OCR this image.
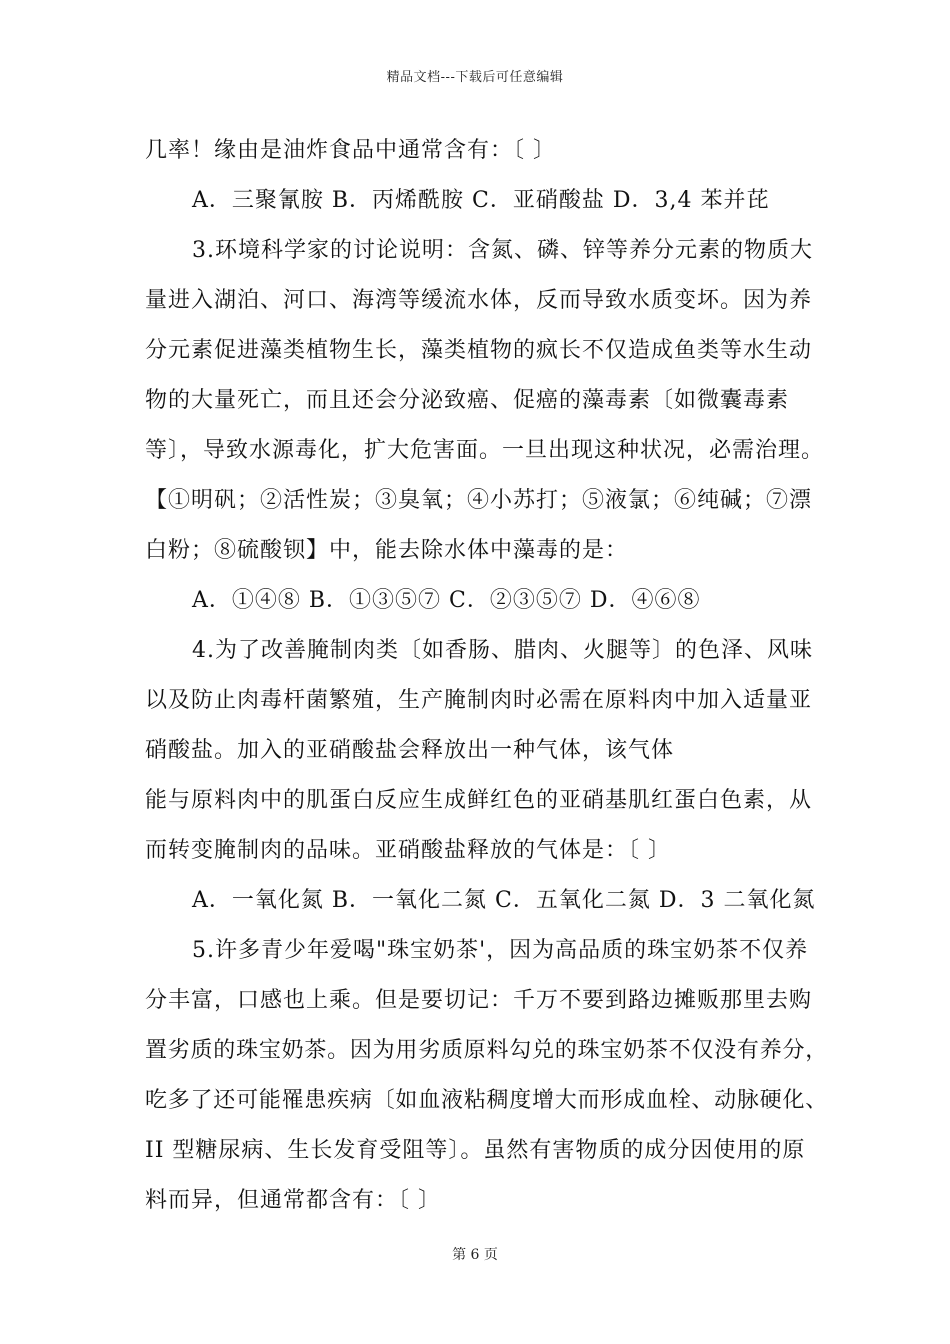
精品文档---下载后可任意编辑
几率！缘由是油炸食品中通常含有：〔 〕
A．三聚氰胺 B．丙烯酰胺 C．亚硝酸盐 D．3,4 苯并芘
3.环境科学家的讨论说明：含氮、磷、锌等养分元素的物质大
量进入湖泊、河口、海湾等缓流水体，反而导致水质变坏。因为养
分元素促进藻类植物生长，藻类植物的疯长不仅造成鱼类等水生动
物的大量死亡，而且还会分泌致癌、促癌的藻毒素〔如微囊毒素
等〕，导致水源毒化，扩大危害面。一旦出现这种状况，必需治理。
【①明矾；②活性炭；③臭氧；④小苏打；⑤液氯；⑥纯碱；⑦漂
白粉；⑧硫酸钡】中，能去除水体中藻毒的是：
A．①④⑧ B．①③⑤⑦ C．②③⑤⑦ D．④⑥⑧
4.为了改善腌制肉类〔如香肠、腊肉、火腿等〕的色泽、风味
以及防止肉毒杆菌繁殖，生产腌制肉时必需在原料肉中加入适量亚
硝酸盐。加入的亚硝酸盐会释放出一种气体，该气体
能与原料肉中的肌蛋白反应生成鲜红色的亚硝基肌红蛋白色素，从
而转变腌制肉的品味。亚硝酸盐释放的气体是：〔 〕
A．一氧化氮 B．一氧化二氮 C．五氧化二氮 D．3 二氧化氮
5.许多青少年爱喝"珠宝奶茶'，因为高品质的珠宝奶茶不仅养
分丰富，口感也上乘。但是要切记：千万不要到路边摊贩那里去购
置劣质的珠宝奶茶。因为用劣质原料勾兑的珠宝奶茶不仅没有养分，
吃多了还可能罹患疾病〔如血液粘稠度增大而形成血栓、动脉硬化、
II 型糖尿病、生长发育受阻等〕。虽然有害物质的成分因使用的原
料而异，但通常都含有：〔 〕
第 6 页
